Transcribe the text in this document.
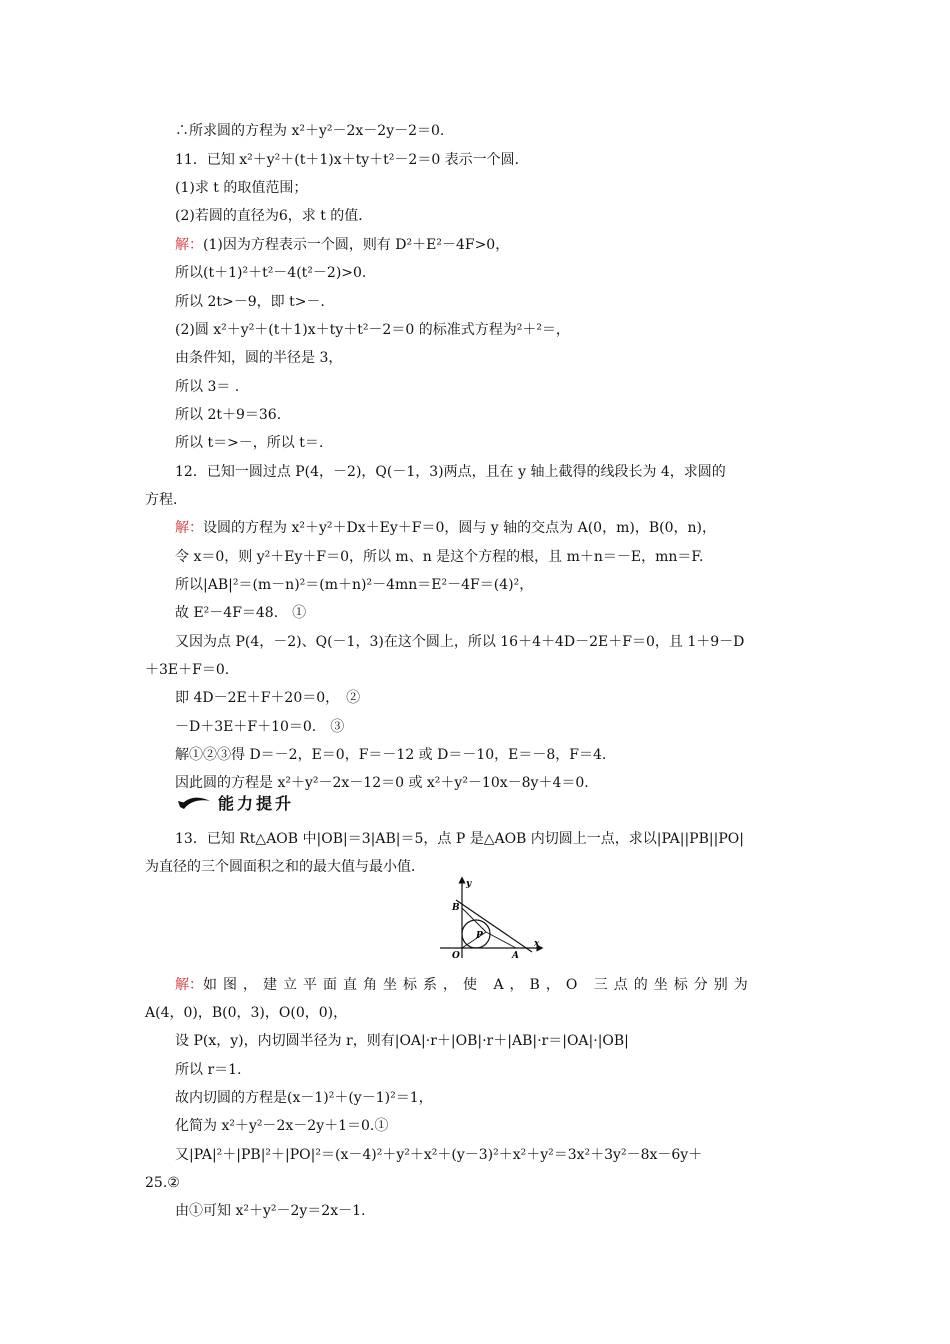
∴所求圆的方程为 x²＋y²－2x－2y－2＝0.
11．已知 x²＋y²＋(t＋1)x＋ty＋t²－2＝0 表示一个圆．
(1)求 t 的取值范围；
(2)若圆的直径为6，求 t 的值．
解：(1)因为方程表示一个圆，则有 D²＋E²－4F>0，
所以(t＋1)²＋t²－4(t²－2)>0.
所以 2t>－9，即 t>－.
(2)圆 x²＋y²＋(t＋1)x＋ty＋t²－2＝0 的标准式方程为²＋²＝，
由条件知，圆的半径是 3，
所以 3＝ .
所以 2t＋9＝36.
所以 t＝>－，所以 t＝.
12．已知一圆过点 P(4，－2)，Q(－1，3)两点，且在 y 轴上截得的线段长为 4，求圆的
方程．
解：设圆的方程为 x²＋y²＋Dx＋Ey＋F＝0，圆与 y 轴的交点为 A(0，m)，B(0，n)，
令 x＝0，则 y²＋Ey＋F＝0，所以 m、n 是这个方程的根，且 m＋n＝－E，mn＝F.
所以|AB|²＝(m－n)²＝(m＋n)²－4mn＝E²－4F＝(4)²，
故 E²－4F＝48.　①
又因为点 P(4，－2)、Q(－1，3)在这个圆上，所以 16＋4＋4D－2E＋F＝0，且 1＋9－D
＋3E＋F＝0.
即 4D－2E＋F＋20＝0，　②
－D＋3E＋F＋10＝0.　③
解①②③得 D＝－2，E＝0，F＝－12 或 D＝－10，E＝－8，F＝4.
因此圆的方程是 x²＋y²－2x－12＝0 或 x²＋y²－10x－8y＋4＝0.
能力提升
13．已知 Rt△AOB 中|OB|＝3|AB|＝5，点 P 是△AOB 内切圆上一点，求以|PA||PB||PO|
为直径的三个圆面积之和的最大值与最小值．
y
x
O	A
B
P
解：如图，建立平面直角坐标系，使 A，B，O 三点的坐标分别为
A(4，0)，B(0，3)，O(0，0)，
设 P(x，y)，内切圆半径为 r，则有|OA|·r＋|OB|·r＋|AB|·r＝|OA|·|OB|
所以 r＝1.
故内切圆的方程是(x－1)²＋(y－1)²＝1，
化简为 x²＋y²－2x－2y＋1＝0.①
又|PA|²＋|PB|²＋|PO|²＝(x－4)²＋y²＋x²＋(y－3)²＋x²＋y²＝3x²＋3y²－8x－6y＋
25.②
由①可知 x²＋y²－2y＝2x－1.
